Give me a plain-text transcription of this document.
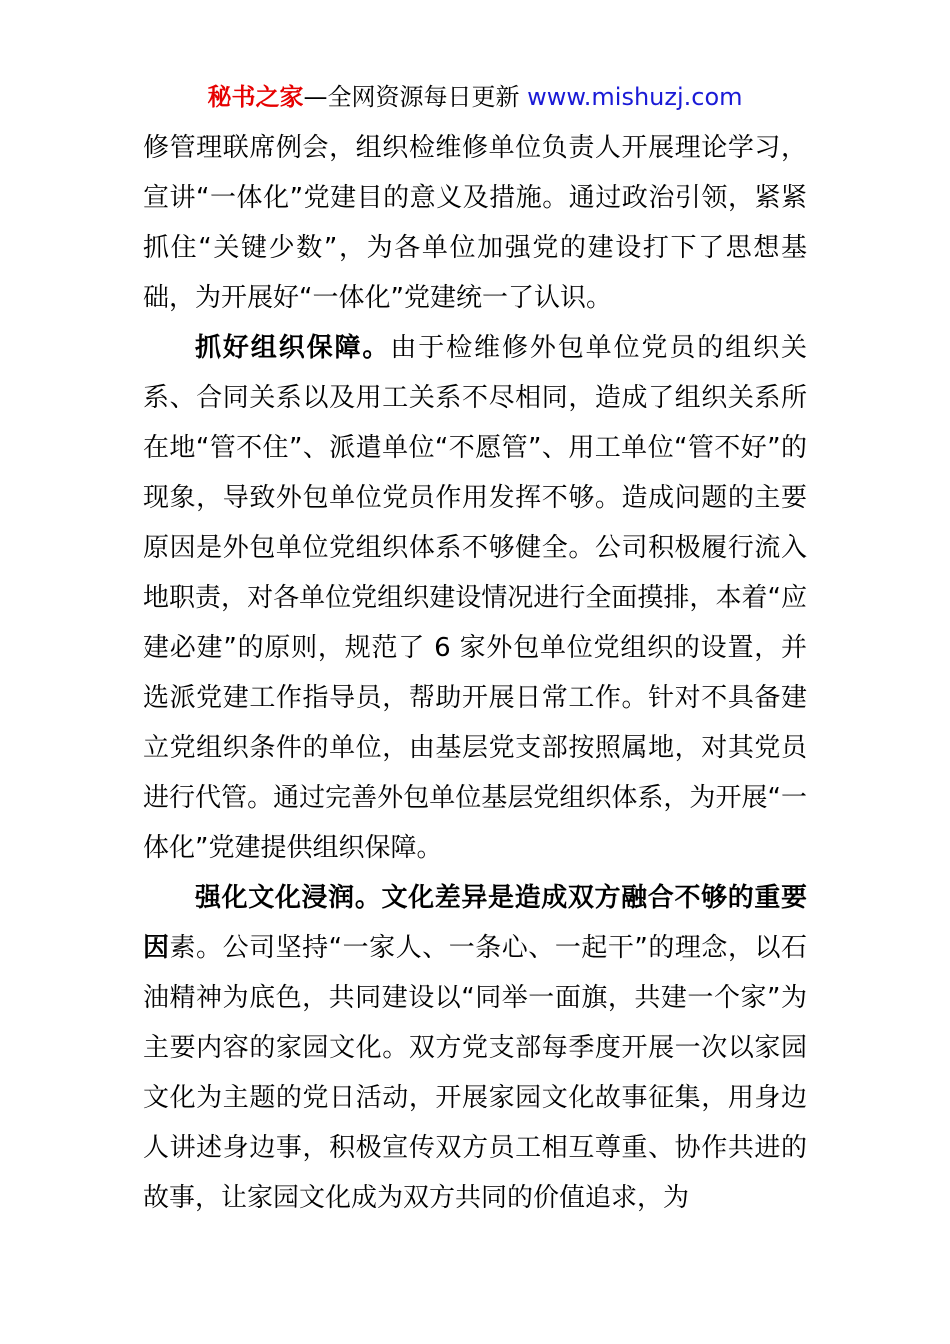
秘书之家—全网资源每日更新 www.mishuzj.com

修管理联席例会，组织检维修单位负责人开展理论学习，宣讲“一体化”党建目的意义及措施。通过政治引领，紧紧抓住“关键少数”，为各单位加强党的建设打下了思想基础，为开展好“一体化”党建统一了认识。

抓好组织保障。由于检维修外包单位党员的组织关系、合同关系以及用工关系不尽相同，造成了组织关系所在地“管不住”、派遣单位“不愿管”、用工单位“管不好”的现象，导致外包单位党员作用发挥不够。造成问题的主要原因是外包单位党组织体系不够健全。公司积极履行流入地职责，对各单位党组织建设情况进行全面摸排，本着“应建必建”的原则，规范了 6 家外包单位党组织的设置，并选派党建工作指导员，帮助开展日常工作。针对不具备建立党组织条件的单位，由基层党支部按照属地，对其党员进行代管。通过完善外包单位基层党组织体系，为开展“一体化”党建提供组织保障。

强化文化浸润。文化差异是造成双方融合不够的重要因素。公司坚持“一家人、一条心、一起干”的理念，以石油精神为底色，共同建设以“同举一面旗，共建一个家”为主要内容的家园文化。双方党支部每季度开展一次以家园文化为主题的党日活动，开展家园文化故事征集，用身边人讲述身边事，积极宣传双方员工相互尊重、协作共进的故事，让家园文化成为双方共同的价值追求，为
